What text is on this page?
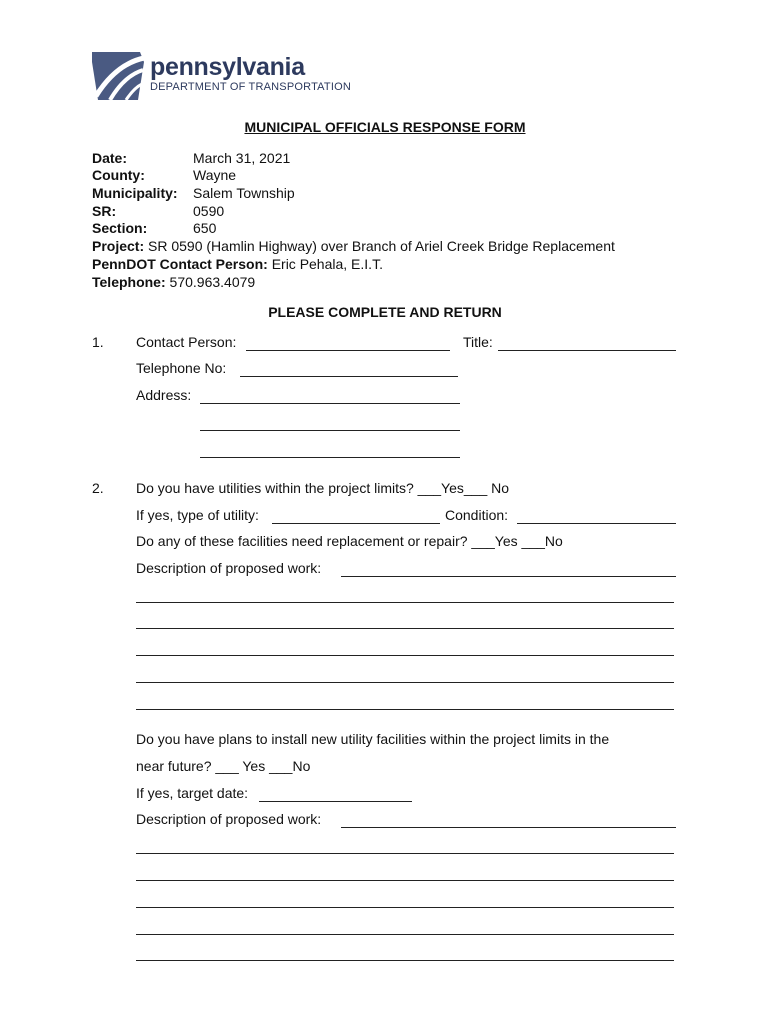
pennsylvania
DEPARTMENT OF TRANSPORTATION
MUNICIPAL OFFICIALS RESPONSE FORM
Date:	March 31, 2021
County:	Wayne
Municipality: Salem Township
SR:	0590
Section:	650
Project: SR 0590 (Hamlin Highway) over Branch of Ariel Creek Bridge Replacement
PennDOT Contact Person: Eric Pehala, E.I.T.
Telephone: 570.963.4079
PLEASE COMPLETE AND RETURN
1. Contact Person:	Title:
Telephone No:
Address:
2. Do you have utilities within the project limits? ___Yes___ No
If yes, type of utility:	Condition:
Do any of these facilities need replacement or repair? ___Yes ___No
Description of proposed work:
Do you have plans to install new utility facilities within the project limits in the
near future? ___ Yes ___No
If yes, target date:
Description of proposed work:
